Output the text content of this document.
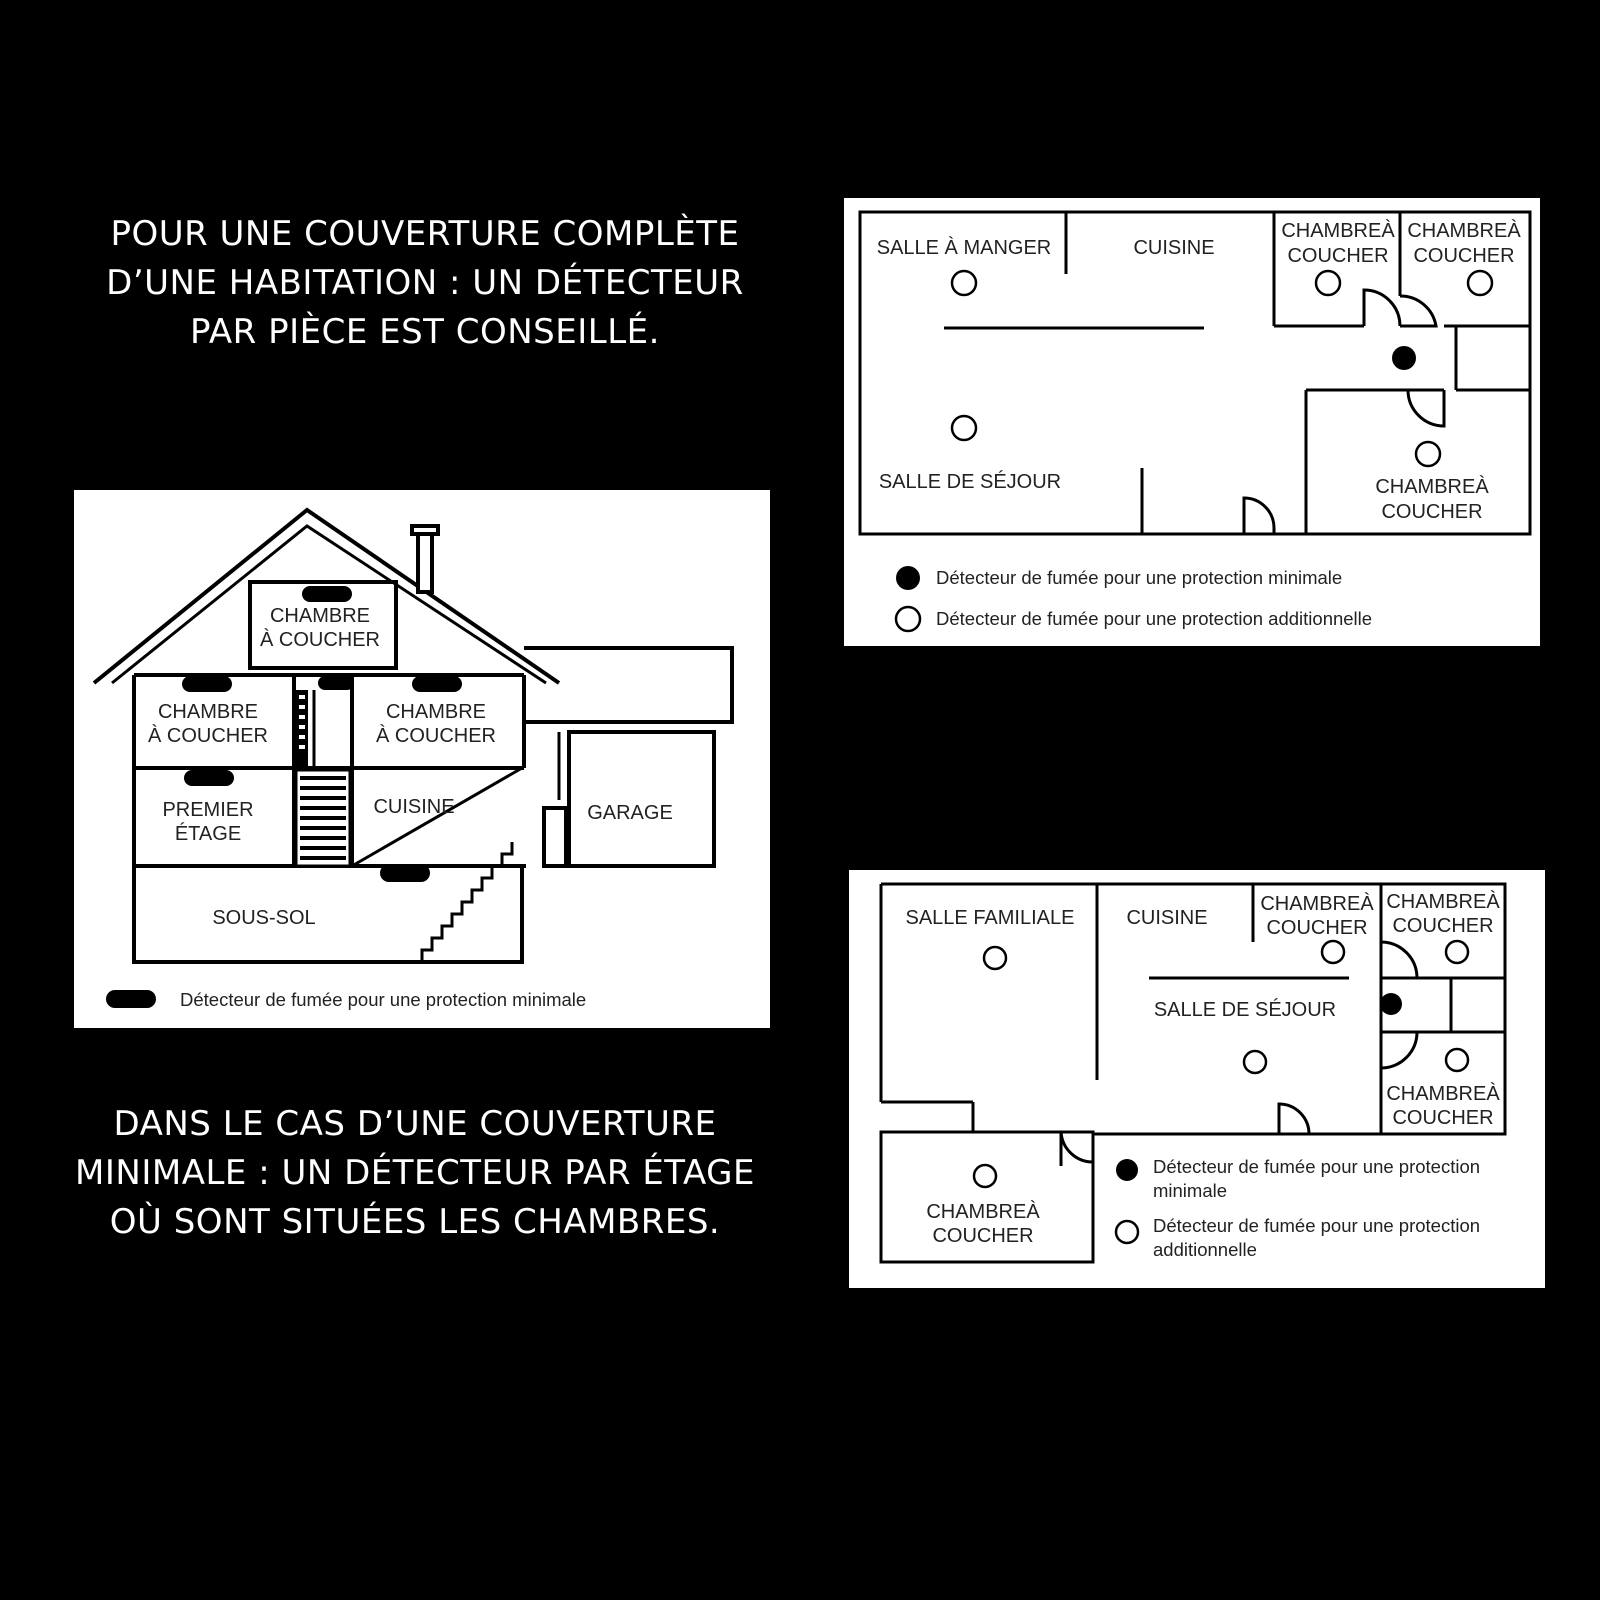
POUR UNE COUVERTURE COMPLÈTE D’UNE HABITATION : UN DÉTECTEUR PAR PIÈCE EST CONSEILLÉ.
DANS LE CAS D’UNE COUVERTURE MINIMALE : UN DÉTECTEUR PAR ÉTAGE OÙ SONT SITUÉES LES CHAMBRES.
CHAMBRE
À COUCHER
CHAMBRE
À COUCHER
CHAMBRE
À COUCHER
PREMIER
ÉTAGE
CUISINE	GARAGE
SOUS-SOL
Détecteur de fumée pour une protection minimale
SALLE À MANGER	CUISINE
CHAMBREÀ
COUCHER
CHAMBREÀ
COUCHER
SALLE DE SÉJOUR	CHAMBREÀ
COUCHER
Détecteur de fumée pour une protection minimale
Détecteur de fumée pour une protection additionnelle
SALLE FAMILIALE	CUISINE
CHAMBREÀ
COUCHER
CHAMBREÀ
COUCHER
SALLE DE SÉJOUR
CHAMBREÀ
COUCHER
CHAMBREÀ
COUCHER
Détecteur de fumée pour une protection
minimale
Détecteur de fumée pour une protection
additionnelle
